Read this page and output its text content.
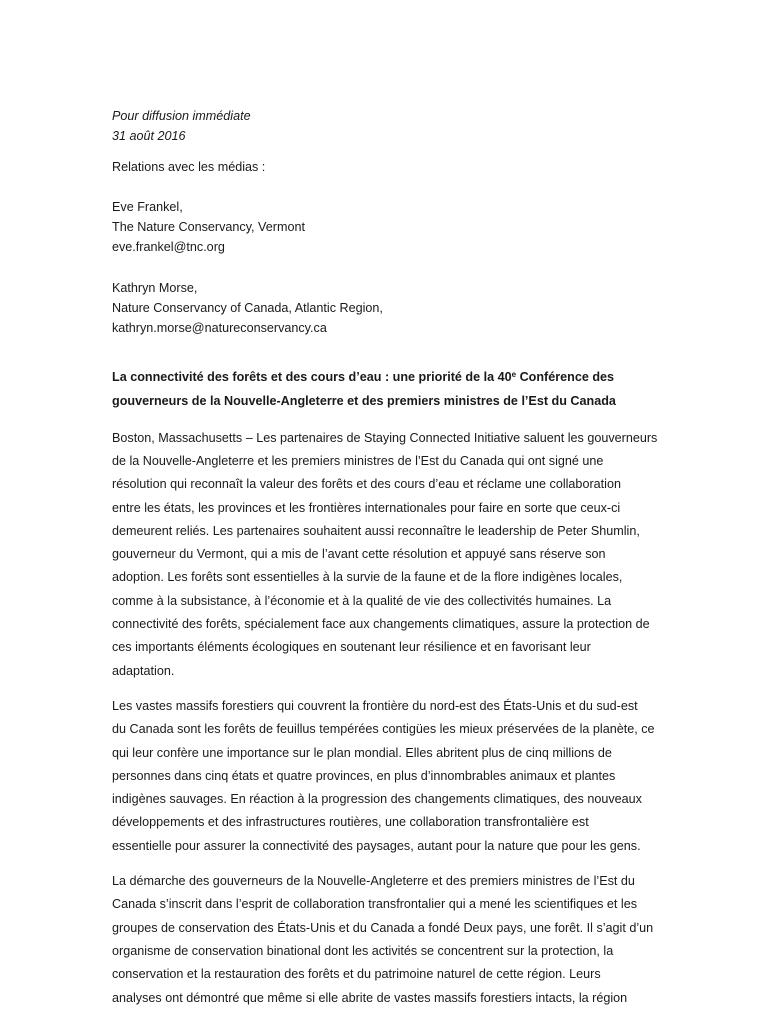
Pour diffusion immédiate
31 août 2016
Relations avec les médias :
Eve Frankel,
The Nature Conservancy, Vermont
eve.frankel@tnc.org
Kathryn Morse,
Nature Conservancy of Canada, Atlantic Region,
kathryn.morse@natureconservancy.ca
La connectivité des forêts et des cours d’eau : une priorité de la 40e Conférence des
gouverneurs de la Nouvelle-Angleterre et des premiers ministres de l’Est du Canada
Boston, Massachusetts – Les partenaires de Staying Connected Initiative saluent les gouverneurs
de la Nouvelle-Angleterre et les premiers ministres de l’Est du Canada qui ont signé une
résolution qui reconnaît la valeur des forêts et des cours d’eau et réclame une collaboration
entre les états, les provinces et les frontières internationales pour faire en sorte que ceux-ci
demeurent reliés. Les partenaires souhaitent aussi reconnaître le leadership de Peter Shumlin,
gouverneur du Vermont, qui a mis de l’avant cette résolution et appuyé sans réserve son
adoption. Les forêts sont essentielles à la survie de la faune et de la flore indigènes locales,
comme à la subsistance, à l’économie et à la qualité de vie des collectivités humaines. La
connectivité des forêts, spécialement face aux changements climatiques, assure la protection de
ces importants éléments écologiques en soutenant leur résilience et en favorisant leur
adaptation.
Les vastes massifs forestiers qui couvrent la frontière du nord-est des États-Unis et du sud-est
du Canada sont les forêts de feuillus tempérées contigües les mieux préservées de la planète, ce
qui leur confère une importance sur le plan mondial. Elles abritent plus de cinq millions de
personnes dans cinq états et quatre provinces, en plus d’innombrables animaux et plantes
indigènes sauvages. En réaction à la progression des changements climatiques, des nouveaux
développements et des infrastructures routières, une collaboration transfrontalière est
essentielle pour assurer la connectivité des paysages, autant pour la nature que pour les gens.
La démarche des gouverneurs de la Nouvelle-Angleterre et des premiers ministres de l’Est du
Canada s’inscrit dans l’esprit de collaboration transfrontalier qui a mené les scientifiques et les
groupes de conservation des États-Unis et du Canada a fondé Deux pays, une forêt. Il s’agit d’un
organisme de conservation binational dont les activités se concentrent sur la protection, la
conservation et la restauration des forêts et du patrimoine naturel de cette région. Leurs
analyses ont démontré que même si elle abrite de vastes massifs forestiers intacts, la région
